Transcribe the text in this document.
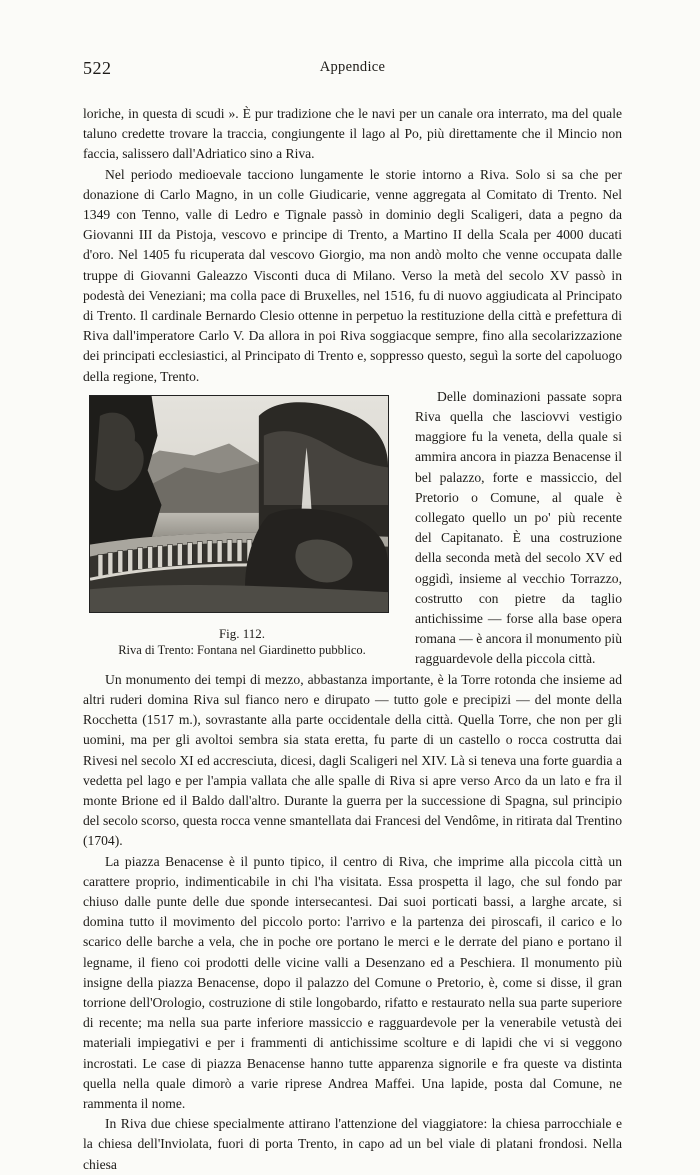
522	Appendice

loriche, in questa di scudi ». È pur tradizione che le navi per un canale ora interrato, ma del quale taluno credette trovare la traccia, congiungente il lago al Po, più direttamente che il Mincio non faccia, salissero dall'Adriatico sino a Riva.

Nel periodo medioevale tacciono lungamente le storie intorno a Riva. Solo si sa che per donazione di Carlo Magno, in un colle Giudicarie, venne aggregata al Comitato di Trento. Nel 1349 con Tenno, valle di Ledro e Tignale passò in dominio degli Scaligeri, data a pegno da Giovanni III da Pistoja, vescovo e principe di Trento, a Martino II della Scala per 4000 ducati d'oro. Nel 1405 fu ricuperata dal vescovo Giorgio, ma non andò molto che venne occupata dalle truppe di Giovanni Galeazzo Visconti duca di Milano. Verso la metà del secolo XV passò in podestà dei Veneziani; ma colla pace di Bruxelles, nel 1516, fu di nuovo aggiudicata al Principato di Trento. Il cardinale Bernardo Clesio ottenne in perpetuo la restituzione della città e prefettura di Riva dall'imperatore Carlo V. Da allora in poi Riva soggiacque sempre, fino alla secolarizzazione dei principati ecclesiastici, al Principato di Trento e, soppresso questo, seguì la sorte del capoluogo della regione, Trento.

Fig. 112.
Riva di Trento: Fontana nel Giardinetto pubblico.

Delle dominazioni passate sopra Riva quella che lasciovvi vestigio maggiore fu la veneta, della quale si ammira ancora in piazza Benacense il bel palazzo, forte e massiccio, del Pretorio o Comune, al quale è collegato quello un po' più recente del Capitanato. È una costruzione della seconda metà del secolo XV ed oggidì, insieme al vecchio Torrazzo, costrutto con pietre da taglio antichissime — forse alla base opera romana — è ancora il monumento più ragguardevole della piccola città.

Un monumento dei tempi di mezzo, abbastanza importante, è la Torre rotonda che insieme ad altri ruderi domina Riva sul fianco nero e dirupato — tutto gole e precipizi — del monte della Rocchetta (1517 m.), sovrastante alla parte occidentale della città. Quella Torre, che non per gli uomini, ma per gli avoltoi sembra sia stata eretta, fu parte di un castello o rocca costrutta dai Rivesi nel secolo XI ed accresciuta, dicesi, dagli Scaligeri nel XIV. Là si teneva una forte guardia a vedetta pel lago e per l'ampia vallata che alle spalle di Riva si apre verso Arco da un lato e fra il monte Brione ed il Baldo dall'altro. Durante la guerra per la successione di Spagna, sul principio del secolo scorso, questa rocca venne smantellata dai Francesi del Vendôme, in ritirata dal Trentino (1704).

La piazza Benacense è il punto tipico, il centro di Riva, che imprime alla piccola città un carattere proprio, indimenticabile in chi l'ha visitata. Essa prospetta il lago, che sul fondo par chiuso dalle punte delle due sponde intersecantesi. Dai suoi porticati bassi, a larghe arcate, si domina tutto il movimento del piccolo porto: l'arrivo e la partenza dei piroscafi, il carico e lo scarico delle barche a vela, che in poche ore portano le merci e le derrate del piano e portano il legname, il fieno coi prodotti delle vicine valli a Desenzano ed a Peschiera. Il monumento più insigne della piazza Benacense, dopo il palazzo del Comune o Pretorio, è, come si disse, il gran torrione dell'Orologio, costruzione di stile longobardo, rifatto e restaurato nella sua parte superiore di recente; ma nella sua parte inferiore massiccio e ragguardevole per la venerabile vetustà dei materiali impiegativi e per i frammenti di antichissime scolture e di lapidi che vi si veggono incrostati. Le case di piazza Benacense hanno tutte apparenza signorile e fra queste va distinta quella nella quale dimorò a varie riprese Andrea Maffei. Una lapide, posta dal Comune, ne rammenta il nome.

In Riva due chiese specialmente attirano l'attenzione del viaggiatore: la chiesa parrocchiale e la chiesa dell'Inviolata, fuori di porta Trento, in capo ad un bel viale di platani frondosi. Nella chiesa
